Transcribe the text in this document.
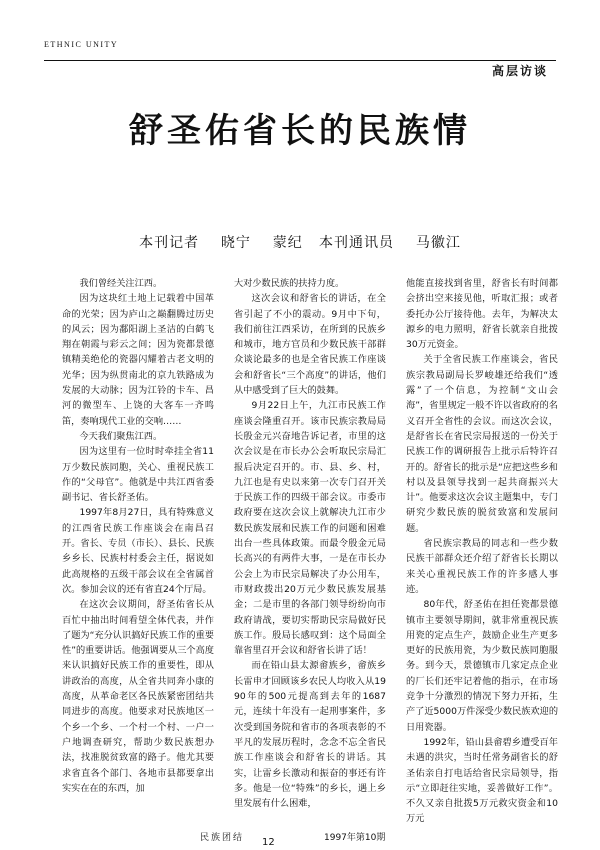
ETHNIC UNITY
高层访谈
舒圣佑省长的民族情
本刊记者    晓宁    蒙纪   本刊通讯员    马徽江

我们曾经关注江西。

因为这块红土地上记载着中国革命的光荣；因为庐山之巅翻腾过历史的风云；因为鄱阳湖上圣洁的白鹤飞翔在朝霞与彩云之间；因为瓷都景德镇精美绝伦的瓷器闪耀着古老文明的光华；因为纵贯南北的京九铁路成为发展的大动脉；因为江铃的卡车、昌河的微型车、上饶的大客车一齐鸣笛，奏响现代工业的交响……

今天我们聚焦江西。

因为这里有一位时时牵挂全省11万少数民族同胞，关心、重视民族工作的“父母官”。他就是中共江西省委副书记、省长舒圣佑。

1997年8月27日，具有特殊意义的江西省民族工作座谈会在南昌召开。省长、专员（市长）、县长、民族乡乡长、民族村村委会主任，据说如此高规格的五级干部会议在全省属首次。参加会议的还有省直24个厅局。

在这次会议期间，舒圣佑省长从百忙中抽出时间看望全体代表，并作了题为“充分认识搞好民族工作的重要性”的重要讲话。他强调要从三个高度来认识搞好民族工作的重要性，即从讲政治的高度，从全省共同奔小康的高度，从革命老区各民族紧密团结共同进步的高度。他要求对民族地区一个乡一个乡、一个村一个村、一户一户地调查研究，帮助少数民族想办法，找准脱贫致富的路子。他尤其要求省直各个部门、各地市县都要拿出实实在在的东西，加

大对少数民族的扶持力度。

这次会议和舒省长的讲话，在全省引起了不小的震动。9月中下旬，我们前往江西采访，在所到的民族乡和城市，地方官员和少数民族干部群众谈论最多的也是全省民族工作座谈会和舒省长“三个高度”的讲话，他们从中感受到了巨大的鼓舞。

9月22日上午，九江市民族工作座谈会隆重召开。该市民族宗教局局长殷金元兴奋地告诉记者，市里的这次会议是在市长办公会听取民宗局汇报后决定召开的。市、县、乡、村，九江也是有史以来第一次专门召开关于民族工作的四级干部会议。市委市政府要在这次会议上就解决九江市少数民族发展和民族工作的问题和困难出台一些具体政策。而最令殷金元局长高兴的有两件大事，一是在市长办公会上为市民宗局解决了办公用车，市财政拨出20万元少数民族发展基金；二是市里的各部门领导纷纷向市政府请战，要切实帮助民宗局做好民族工作。殷局长感叹到：这个局面全靠省里召开会议和舒省长讲了话！

而在铅山县太源畲族乡，畲族乡长雷申才回顾该乡农民人均收入从1990年的500元提高到去年的1687元，连续十年没有一起刑事案件，多次受到国务院和省市的各项表彰的不平凡的发展历程时，念念不忘全省民族工作座谈会和舒省长的讲话。其实，让雷乡长激动和振奋的事还有许多。他是一位“特殊”的乡长，遇上乡里发展有什么困难，

他能直接找到省里，舒省长有时间都会挤出空来接见他，听取汇报；或者委托办公厅接待他。去年，为解决太源乡的电力照明，舒省长就亲自批拨30万元资金。

关于全省民族工作座谈会，省民族宗教局副局长罗峻雄还给我们“透露”了一个信息，为控制“文山会海”，省里规定一般不许以省政府的名义召开全省性的会议。而这次会议，是舒省长在省民宗局报送的一份关于民族工作的调研报告上批示后特许召开的。舒省长的批示是“应把这些乡和村以及县领导找到一起共商振兴大计”。他要求这次会议主题集中，专门研究少数民族的脱贫致富和发展问题。

省民族宗教局的同志和一些少数民族干部群众还介绍了舒省长长期以来关心重视民族工作的许多感人事迹。

80年代，舒圣佑在担任瓷都景德镇市主要领导期间，就非常重视民族用瓷的定点生产，鼓励企业生产更多更好的民族用瓷，为少数民族同胞服务。到今天，景德镇市几家定点企业的厂长们还牢记着他的指示，在市场竞争十分激烈的情况下努力开拓，生产了近5000万件深受少数民族欢迎的日用瓷器。

1992年，铅山县畲碧乡遭受百年未遇的洪灾，当时任常务副省长的舒圣佑亲自打电话给省民宗局领导，指示“立即赶往实地，妥善做好工作”。不久又亲自批拨5万元救灾资金和10万元

民族团结 12	1997年第10期
